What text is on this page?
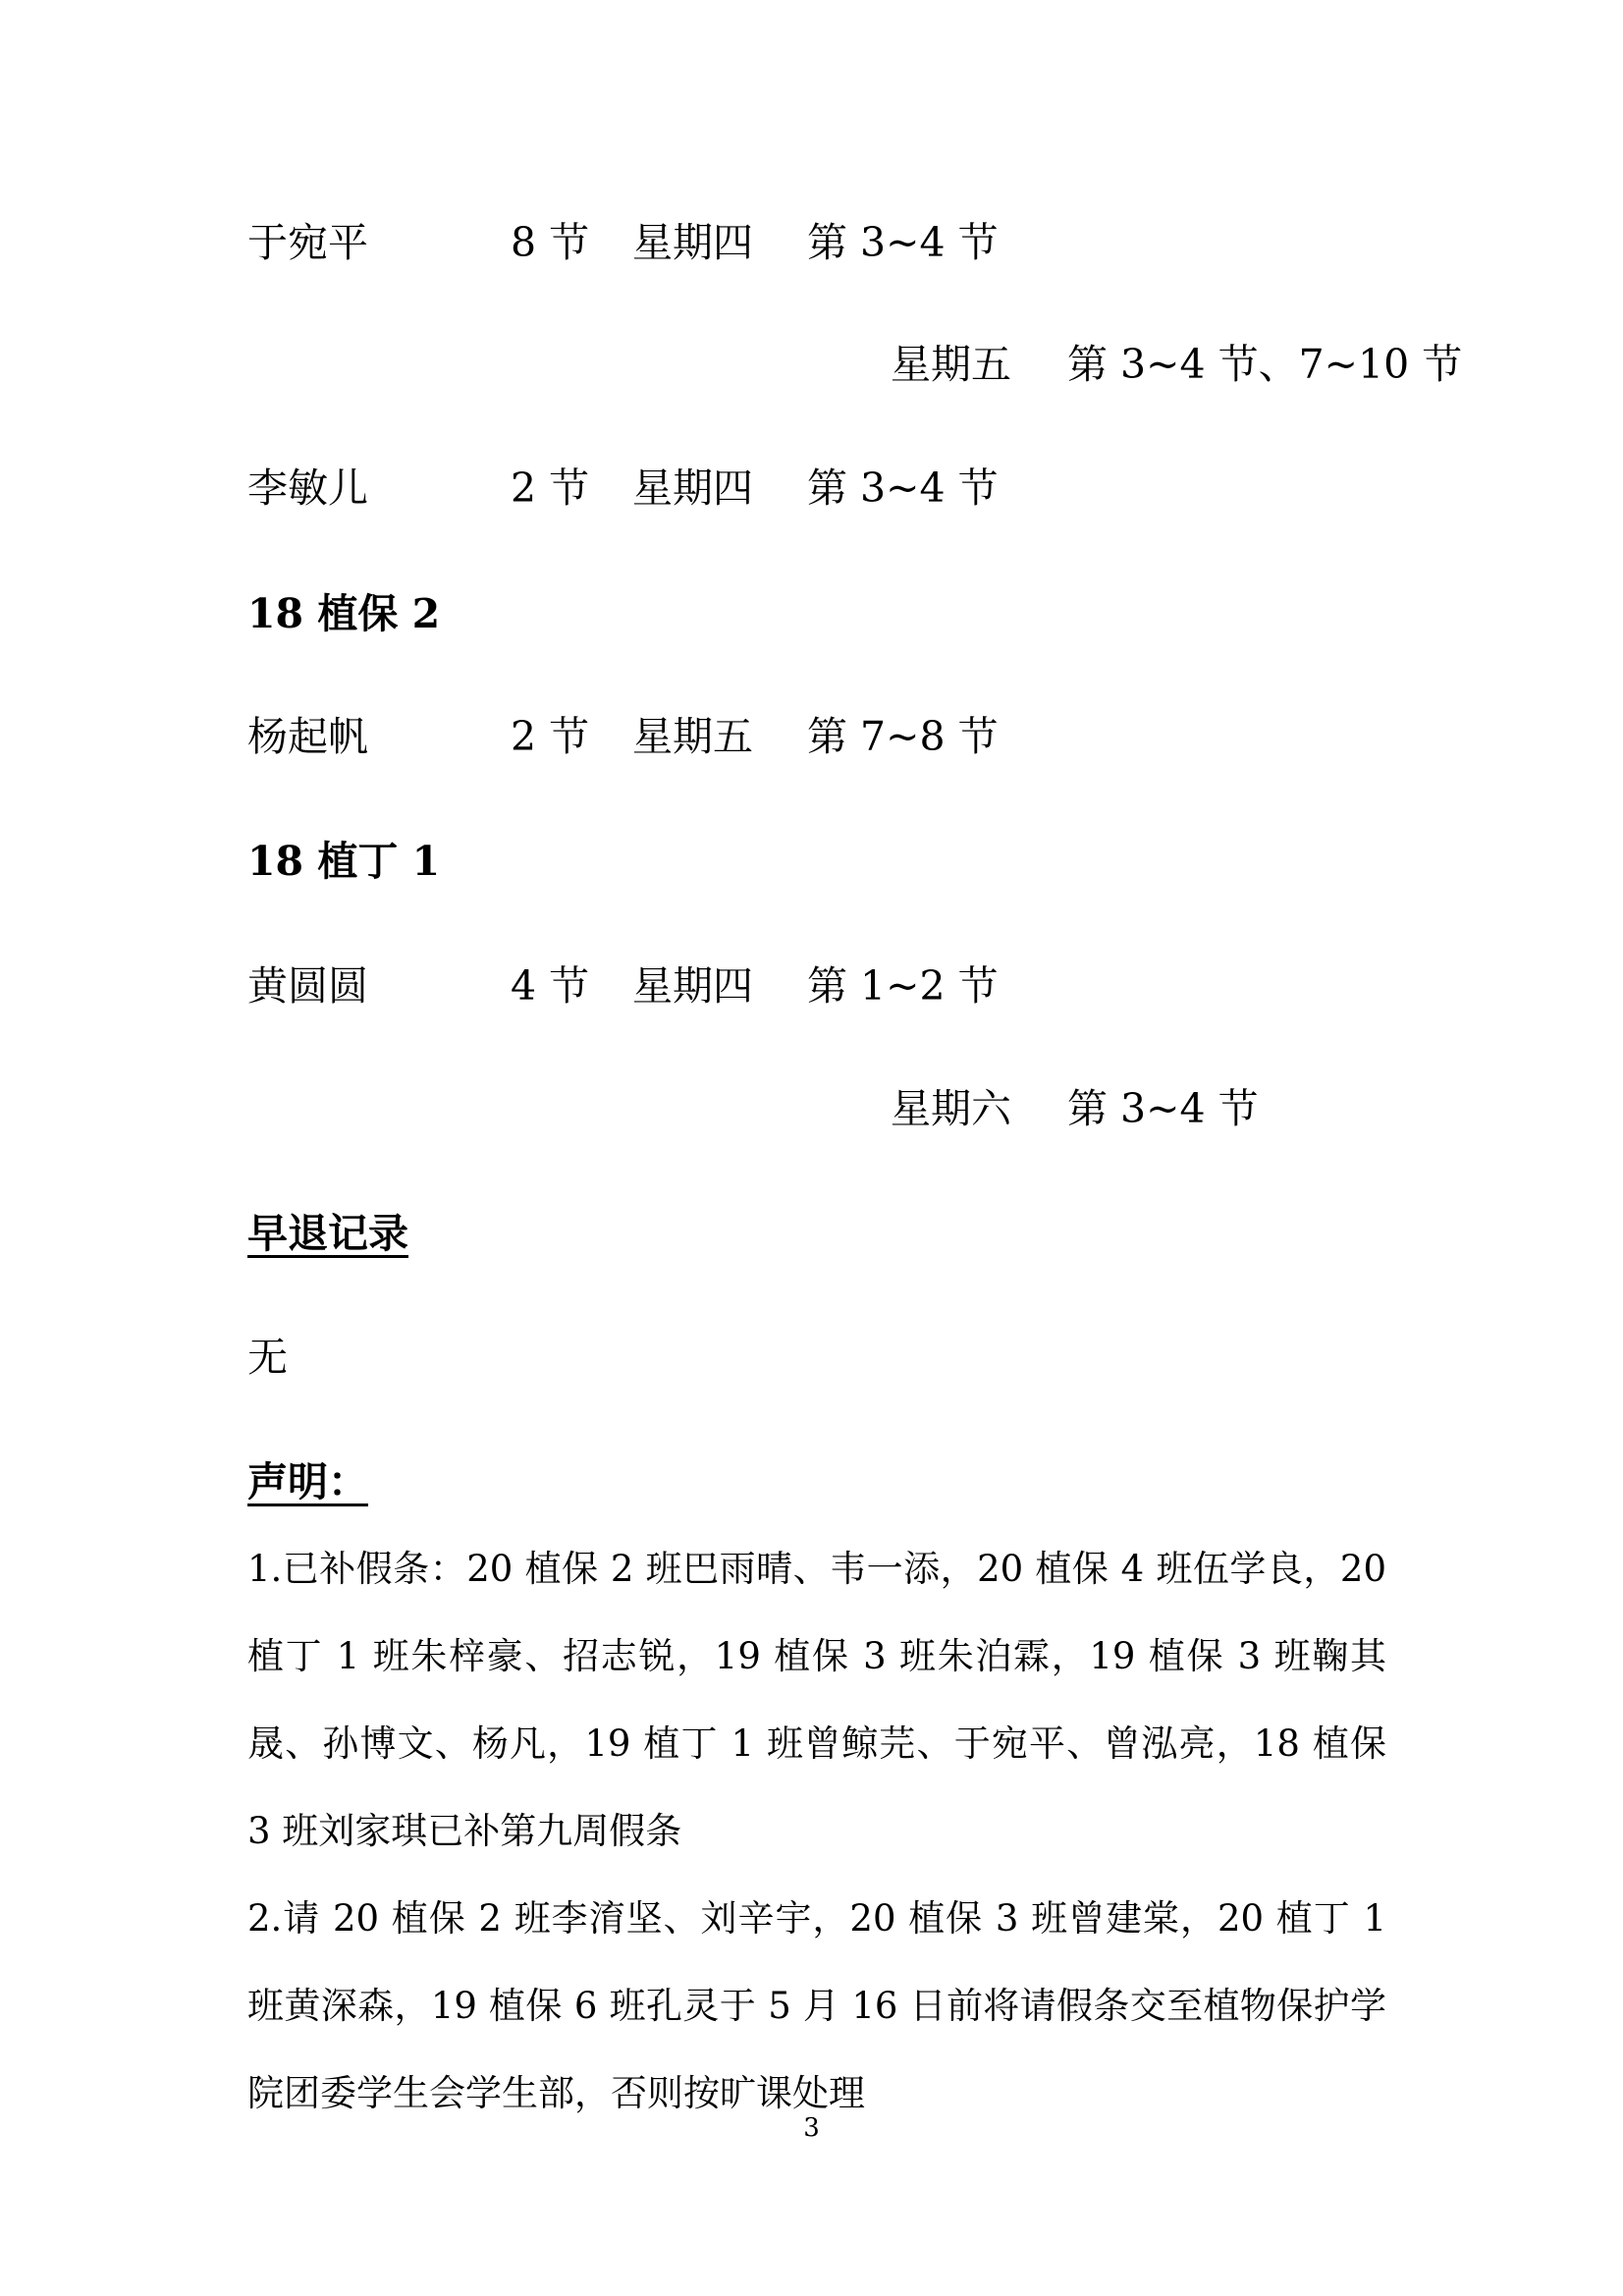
于宛平	8 节 星期四 第 3~4 节
星期五 第 3~4 节、7~10 节
李敏儿	2 节 星期四 第 3~4 节
18 植保 2
杨起帆	2 节 星期五 第 7~8 节
18 植丁 1
黄圆圆	4 节 星期四 第 1~2 节
星期六 第 3~4 节
早退记录
无
声明：
1.已补假条：20 植保 2 班巴雨晴、韦一添，20 植保 4 班伍学良，20 植丁 1 班朱梓豪、招志锐，19 植保 3 班朱泊霖，19 植保 3 班鞠其晟、孙博文、杨凡，19 植丁 1 班曾鲸芫、于宛平、曾泓亮，18 植保 3 班刘家琪已补第九周假条
2.请 20 植保 2 班李淯坚、刘辛宇，20 植保 3 班曾建棠，20 植丁 1 班黄深森，19 植保 6 班孔灵于 5 月 16 日前将请假条交至植物保护学院团委学生会学生部，否则按旷课处理
3
